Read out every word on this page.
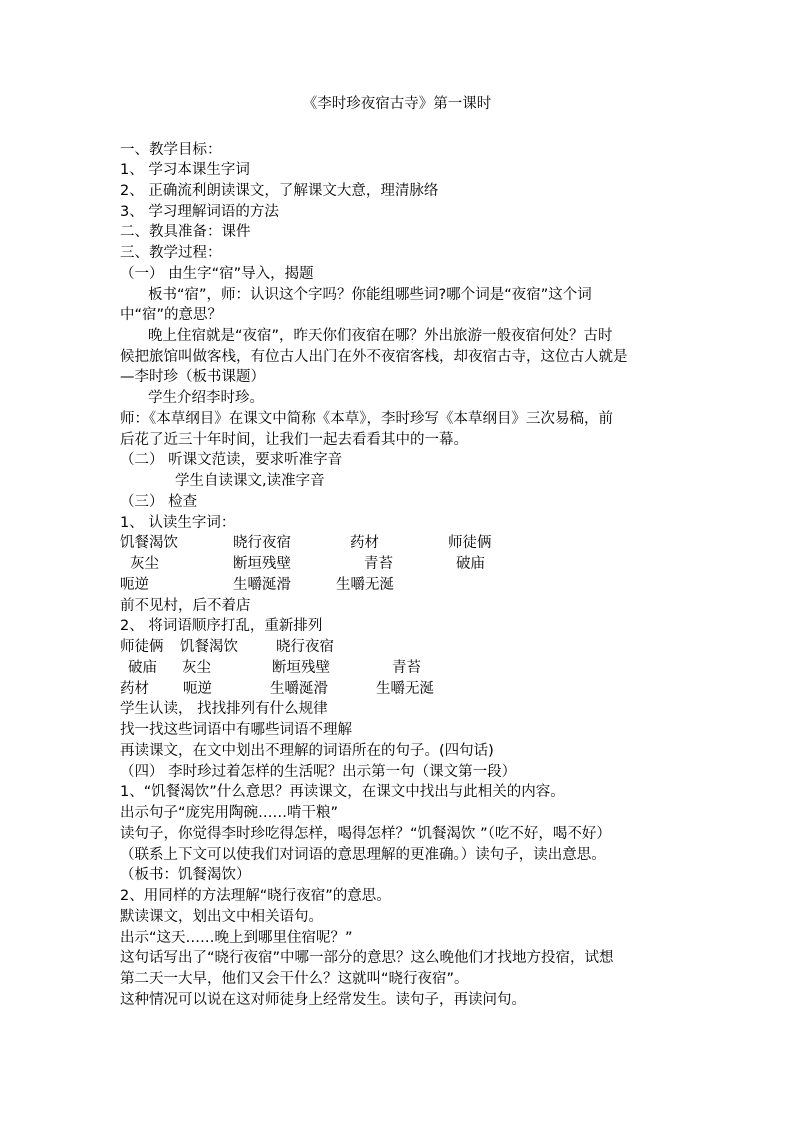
《李时珍夜宿古寺》第一课时
一、教学目标：
1、 学习本课生字词
2、 正确流利朗读课文，了解课文大意，理清脉络
3、 学习理解词语的方法
二、教具准备：课件
三、教学过程：
（一） 由生字“宿”导入，揭题
板书“宿”，师：认识这个字吗？你能组哪些词?哪个词是“夜宿”这个词
中“宿”的意思？
晚上住宿就是“夜宿”，昨天你们夜宿在哪？外出旅游一般夜宿何处？古时
候把旅馆叫做客栈，有位古人出门在外不夜宿客栈，却夜宿古寺，这位古人就是
—李时珍（板书课题）
学生介绍李时珍。
师：《本草纲目》在课文中简称《本草》，李时珍写《本草纲目》三次易稿，前
后花了近三十年时间，让我们一起去看看其中的一幕。
（二） 听课文范读，要求听准字音
学生自读课文,读准字音
（三） 检查
1、 认读生字词：
饥餐渴饮	晓行夜宿	药材	师徒俩
灰尘	断垣残壁	青苔	破庙
呃逆	生嚼涎滑	生嚼无涎
前不见村，后不着店
2、 将词语顺序打乱，重新排列
师徒俩 饥餐渴饮	晓行夜宿
破庙 灰尘	断垣残壁	青苔
药材 呃逆	生嚼涎滑	生嚼无涎
学生认读， 找找排列有什么规律
找一找这些词语中有哪些词语不理解
再读课文，在文中划出不理解的词语所在的句子。(四句话)
（四） 李时珍过着怎样的生活呢？出示第一句（课文第一段）
1、“饥餐渴饮”什么意思？再读课文，在课文中找出与此相关的内容。
出示句子“庞宪用陶碗……啃干粮”
读句子，你觉得李时珍吃得怎样，喝得怎样？“饥餐渴饮 ”（吃不好，喝不好）
（联系上下文可以使我们对词语的意思理解的更准确。）读句子，读出意思。
（板书：饥餐渴饮）
2、用同样的方法理解“晓行夜宿”的意思。
默读课文，划出文中相关语句。
出示“这天……晚上到哪里住宿呢？”
这句话写出了“晓行夜宿”中哪一部分的意思？这么晚他们才找地方投宿，试想
第二天一大早，他们又会干什么？这就叫“晓行夜宿”。
这种情况可以说在这对师徒身上经常发生。读句子，再读问句。
